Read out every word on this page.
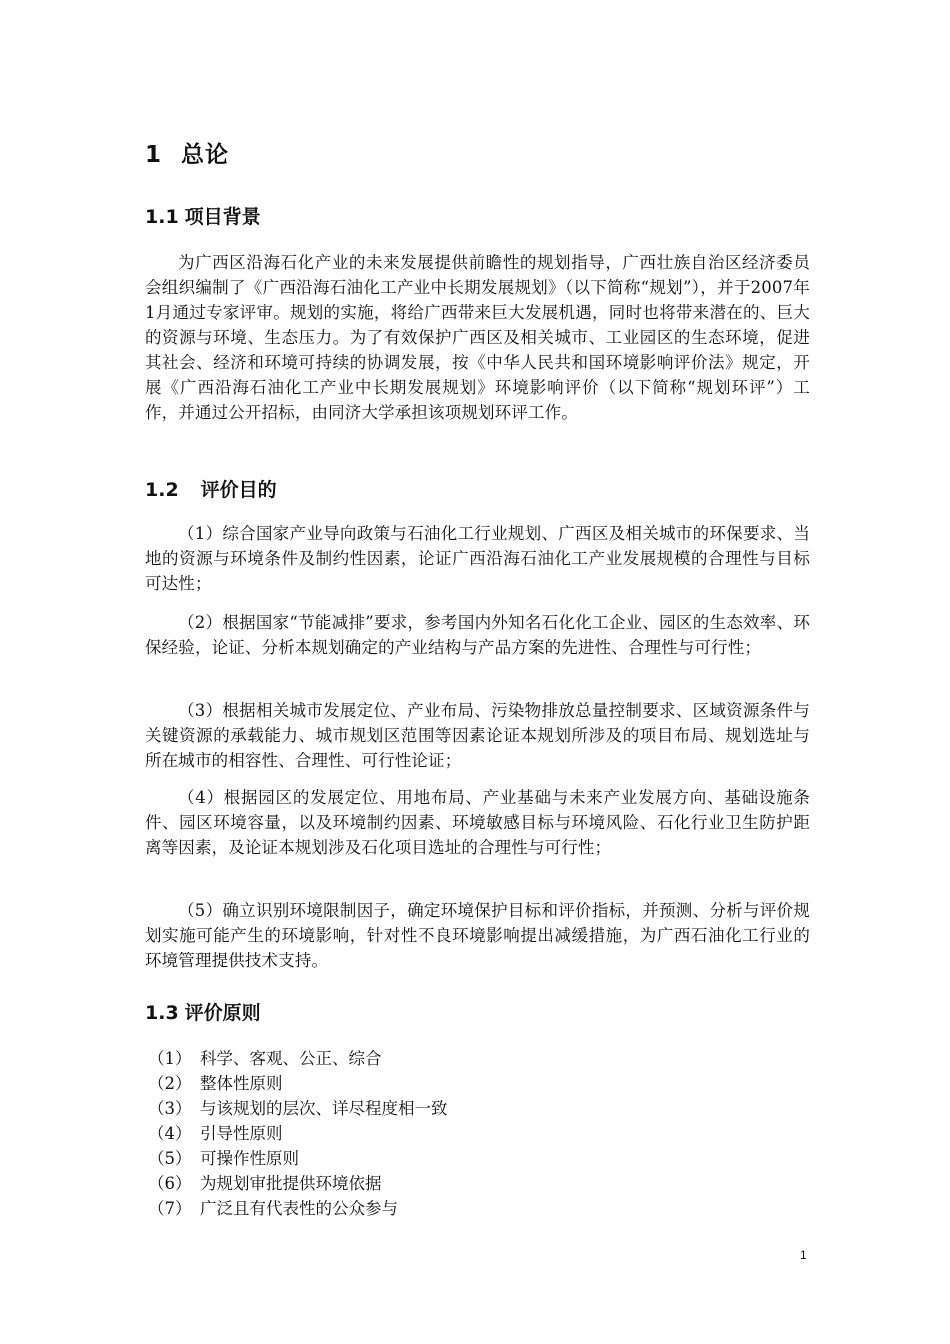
1 总论
1.1 项目背景

为广西区沿海石化产业的未来发展提供前瞻性的规划指导，广西壮族自治区经济委员会组织编制了《广西沿海石油化工产业中长期发展规划》（以下简称“规划”），并于2007年1月通过专家评审。规划的实施，将给广西带来巨大发展机遇，同时也将带来潜在的、巨大的资源与环境、生态压力。为了有效保护广西区及相关城市、工业园区的生态环境，促进其社会、经济和环境可持续的协调发展，按《中华人民共和国环境影响评价法》规定，开展《广西沿海石油化工产业中长期发展规划》环境影响评价（以下简称“规划环评”）工作，并通过公开招标，由同济大学承担该项规划环评工作。

1.2 评价目的

（1）综合国家产业导向政策与石油化工行业规划、广西区及相关城市的环保要求、当地的资源与环境条件及制约性因素，论证广西沿海石油化工产业发展规模的合理性与目标可达性；

（2）根据国家“节能减排”要求，参考国内外知名石化化工企业、园区的生态效率、环保经验，论证、分析本规划确定的产业结构与产品方案的先进性、合理性与可行性；

（3）根据相关城市发展定位、产业布局、污染物排放总量控制要求、区域资源条件与关键资源的承载能力、城市规划区范围等因素论证本规划所涉及的项目布局、规划选址与所在城市的相容性、合理性、可行性论证；

（4）根据园区的发展定位、用地布局、产业基础与未来产业发展方向、基础设施条件、园区环境容量，以及环境制约因素、环境敏感目标与环境风险、石化行业卫生防护距离等因素，及论证本规划涉及石化项目选址的合理性与可行性；

（5）确立识别环境限制因子，确定环境保护目标和评价指标，并预测、分析与评价规划实施可能产生的环境影响，针对性不良环境影响提出减缓措施，为广西石油化工行业的环境管理提供技术支持。

1.3 评价原则
（1） 科学、客观、公正、综合
（2） 整体性原则
（3） 与该规划的层次、详尽程度相一致
（4） 引导性原则
（5） 可操作性原则
（6） 为规划审批提供环境依据
（7） 广泛且有代表性的公众参与
1
